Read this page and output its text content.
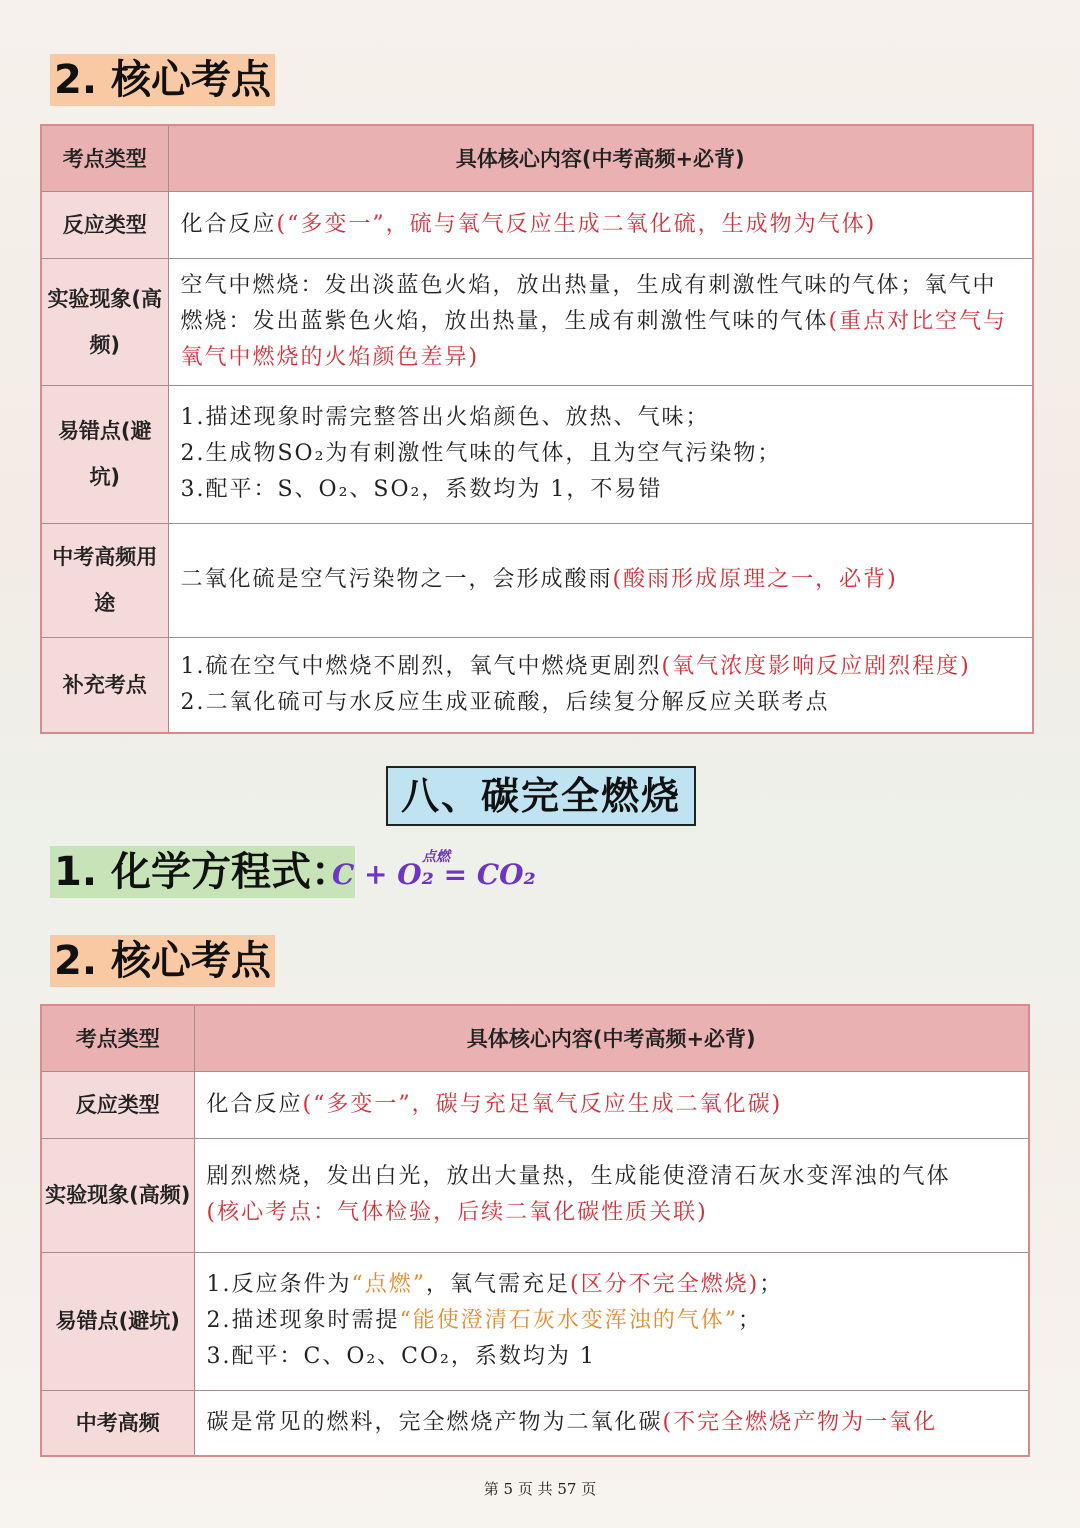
2. 核心考点
考点类型	具体核心内容(中考高频+必背)
反应类型	化合反应(“多变一”，硫与氧气反应生成二氧化硫，生成物为气体)

实验现象(高频)	空气中燃烧：发出淡蓝色火焰，放出热量，生成有刺激性气味的气体；氧气中燃烧：发出蓝紫色火焰，放出热量，生成有刺激性气味的气体(重点对比空气与氧气中燃烧的火焰颜色差异)

易错点(避坑)	1.描述现象时需完整答出火焰颜色、放热、气味；
2.生成物SO₂为有刺激性气味的气体，且为空气污染物；
3.配平：S、O₂、SO₂，系数均为 1，不易错

中考高频用途	二氧化硫是空气污染物之一，会形成酸雨(酸雨形成原理之一，必背)

补充考点	1.硫在空气中燃烧不剧烈，氧气中燃烧更剧烈(氧气浓度影响反应剧烈程度)
2.二氧化硫可与水反应生成亚硫酸，后续复分解反应关联考点
八、碳完全燃烧
1. 化学方程式：
C + O₂
点燃
= CO₂
2. 核心考点
考点类型	具体核心内容(中考高频+必背)
反应类型	化合反应(“多变一”，碳与充足氧气反应生成二氧化碳)

实验现象(高频)	剧烈燃烧，发出白光，放出大量热，生成能使澄清石灰水变浑浊的气体
(核心考点：气体检验，后续二氧化碳性质关联)

易错点(避坑)	1.反应条件为“点燃”，氧气需充足(区分不完全燃烧)；
2.描述现象时需提“能使澄清石灰水变浑浊的气体”；
3.配平：C、O₂、CO₂，系数均为 1

中考高频	碳是常见的燃料，完全燃烧产物为二氧化碳(不完全燃烧产物为一氧化
第 5 页 共 57 页
